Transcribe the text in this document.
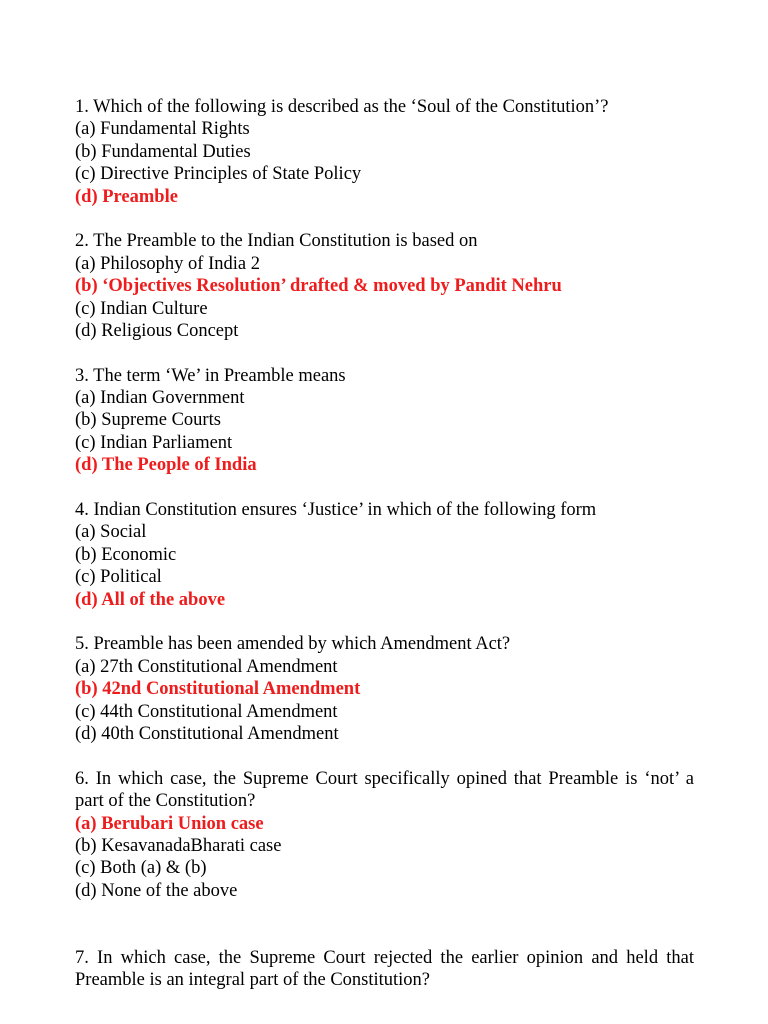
1. Which of the following is described as the ‘Soul of the Constitution’?
(a) Fundamental Rights
(b) Fundamental Duties
(c) Directive Principles of State Policy
(d) Preamble
2. The Preamble to the Indian Constitution is based on
(a) Philosophy of India 2
(b) ‘Objectives Resolution’ drafted & moved by Pandit Nehru
(c) Indian Culture
(d) Religious Concept
3. The term ‘We’ in Preamble means
(a) Indian Government
(b) Supreme Courts
(c) Indian Parliament
(d) The People of India
4. Indian Constitution ensures ‘Justice’ in which of the following form
(a) Social
(b) Economic
(c) Political
(d) All of the above
5. Preamble has been amended by which Amendment Act?
(a) 27th Constitutional Amendment
(b) 42nd Constitutional Amendment
(c) 44th Constitutional Amendment
(d) 40th Constitutional Amendment
6. In which case, the Supreme Court specifically opined that Preamble is ‘not’ a part of the Constitution?
(a) Berubari Union case
(b) KesavanadaBharati case
(c) Both (a) & (b)
(d) None of the above
7. In which case, the Supreme Court rejected the earlier opinion and held that Preamble is an integral part of the Constitution?
